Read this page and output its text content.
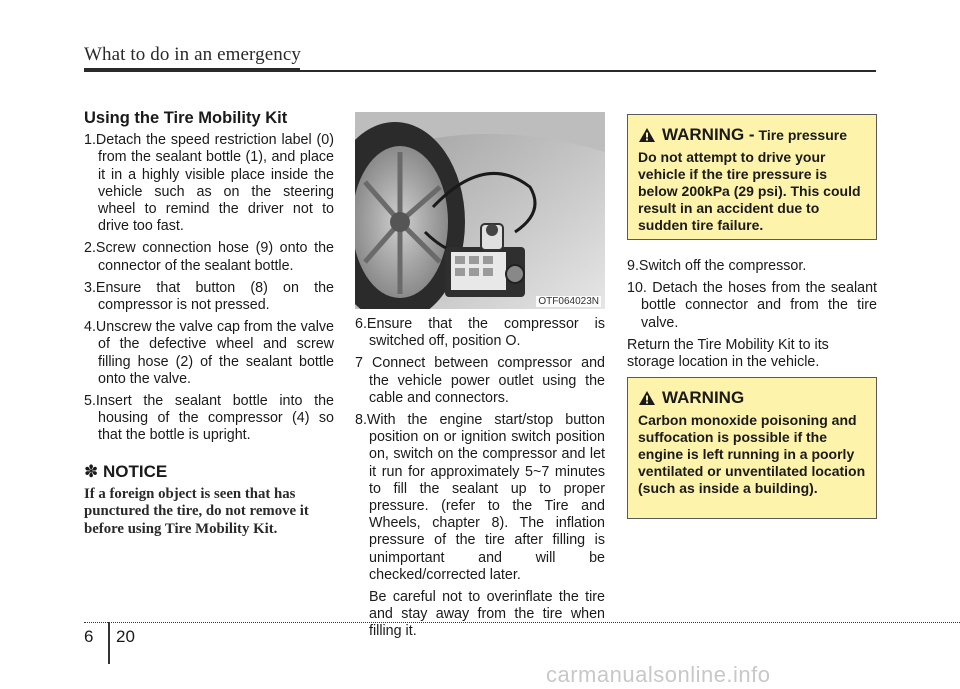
What to do in an emergency
Using the Tire Mobility Kit
1.Detach the speed restriction label (0) from the sealant bottle (1), and place it in a highly visible place inside the vehicle such as on the steering wheel to remind the driver not to drive too fast.
2.Screw connection hose (9) onto the connector of the sealant bottle.
3.Ensure that button (8) on the compressor is not pressed.
4.Unscrew the valve cap from the valve of the defective wheel and screw filling hose (2) of the sealant bottle onto the valve.
5.Insert the sealant bottle into the housing of the compressor (4) so that the bottle is upright.
✽ NOTICE
If a foreign object is seen that has punctured the tire, do not remove it before using Tire Mobility Kit.
OTF064023N
6.Ensure that the compressor is switched off, position O.
7 Connect between compressor and the vehicle power outlet using the cable and connectors.
8.With the engine start/stop button position on or ignition switch position on, switch on the compressor and let it run for approximately 5~7 minutes to fill the sealant up to proper pressure. (refer to the Tire and Wheels, chapter 8). The inflation pressure of the tire after filling is unimportant and will be checked/corrected later.
Be careful not to overinflate the tire and stay away from the tire when filling it.
WARNING - Tire pressure
Do not attempt to drive your vehicle if the tire pressure is below 200kPa (29 psi). This could result in an accident due to sudden tire failure.
9.Switch off the compressor.
10. Detach the hoses from the sealant bottle connector and from the tire valve.

Return the Tire Mobility Kit to its storage location in the vehicle.

WARNING
Carbon monoxide poisoning and suffocation is possible if the engine is left running in a poorly ventilated or unventilated location (such as inside a building).
6 20
carmanualsonline.info
